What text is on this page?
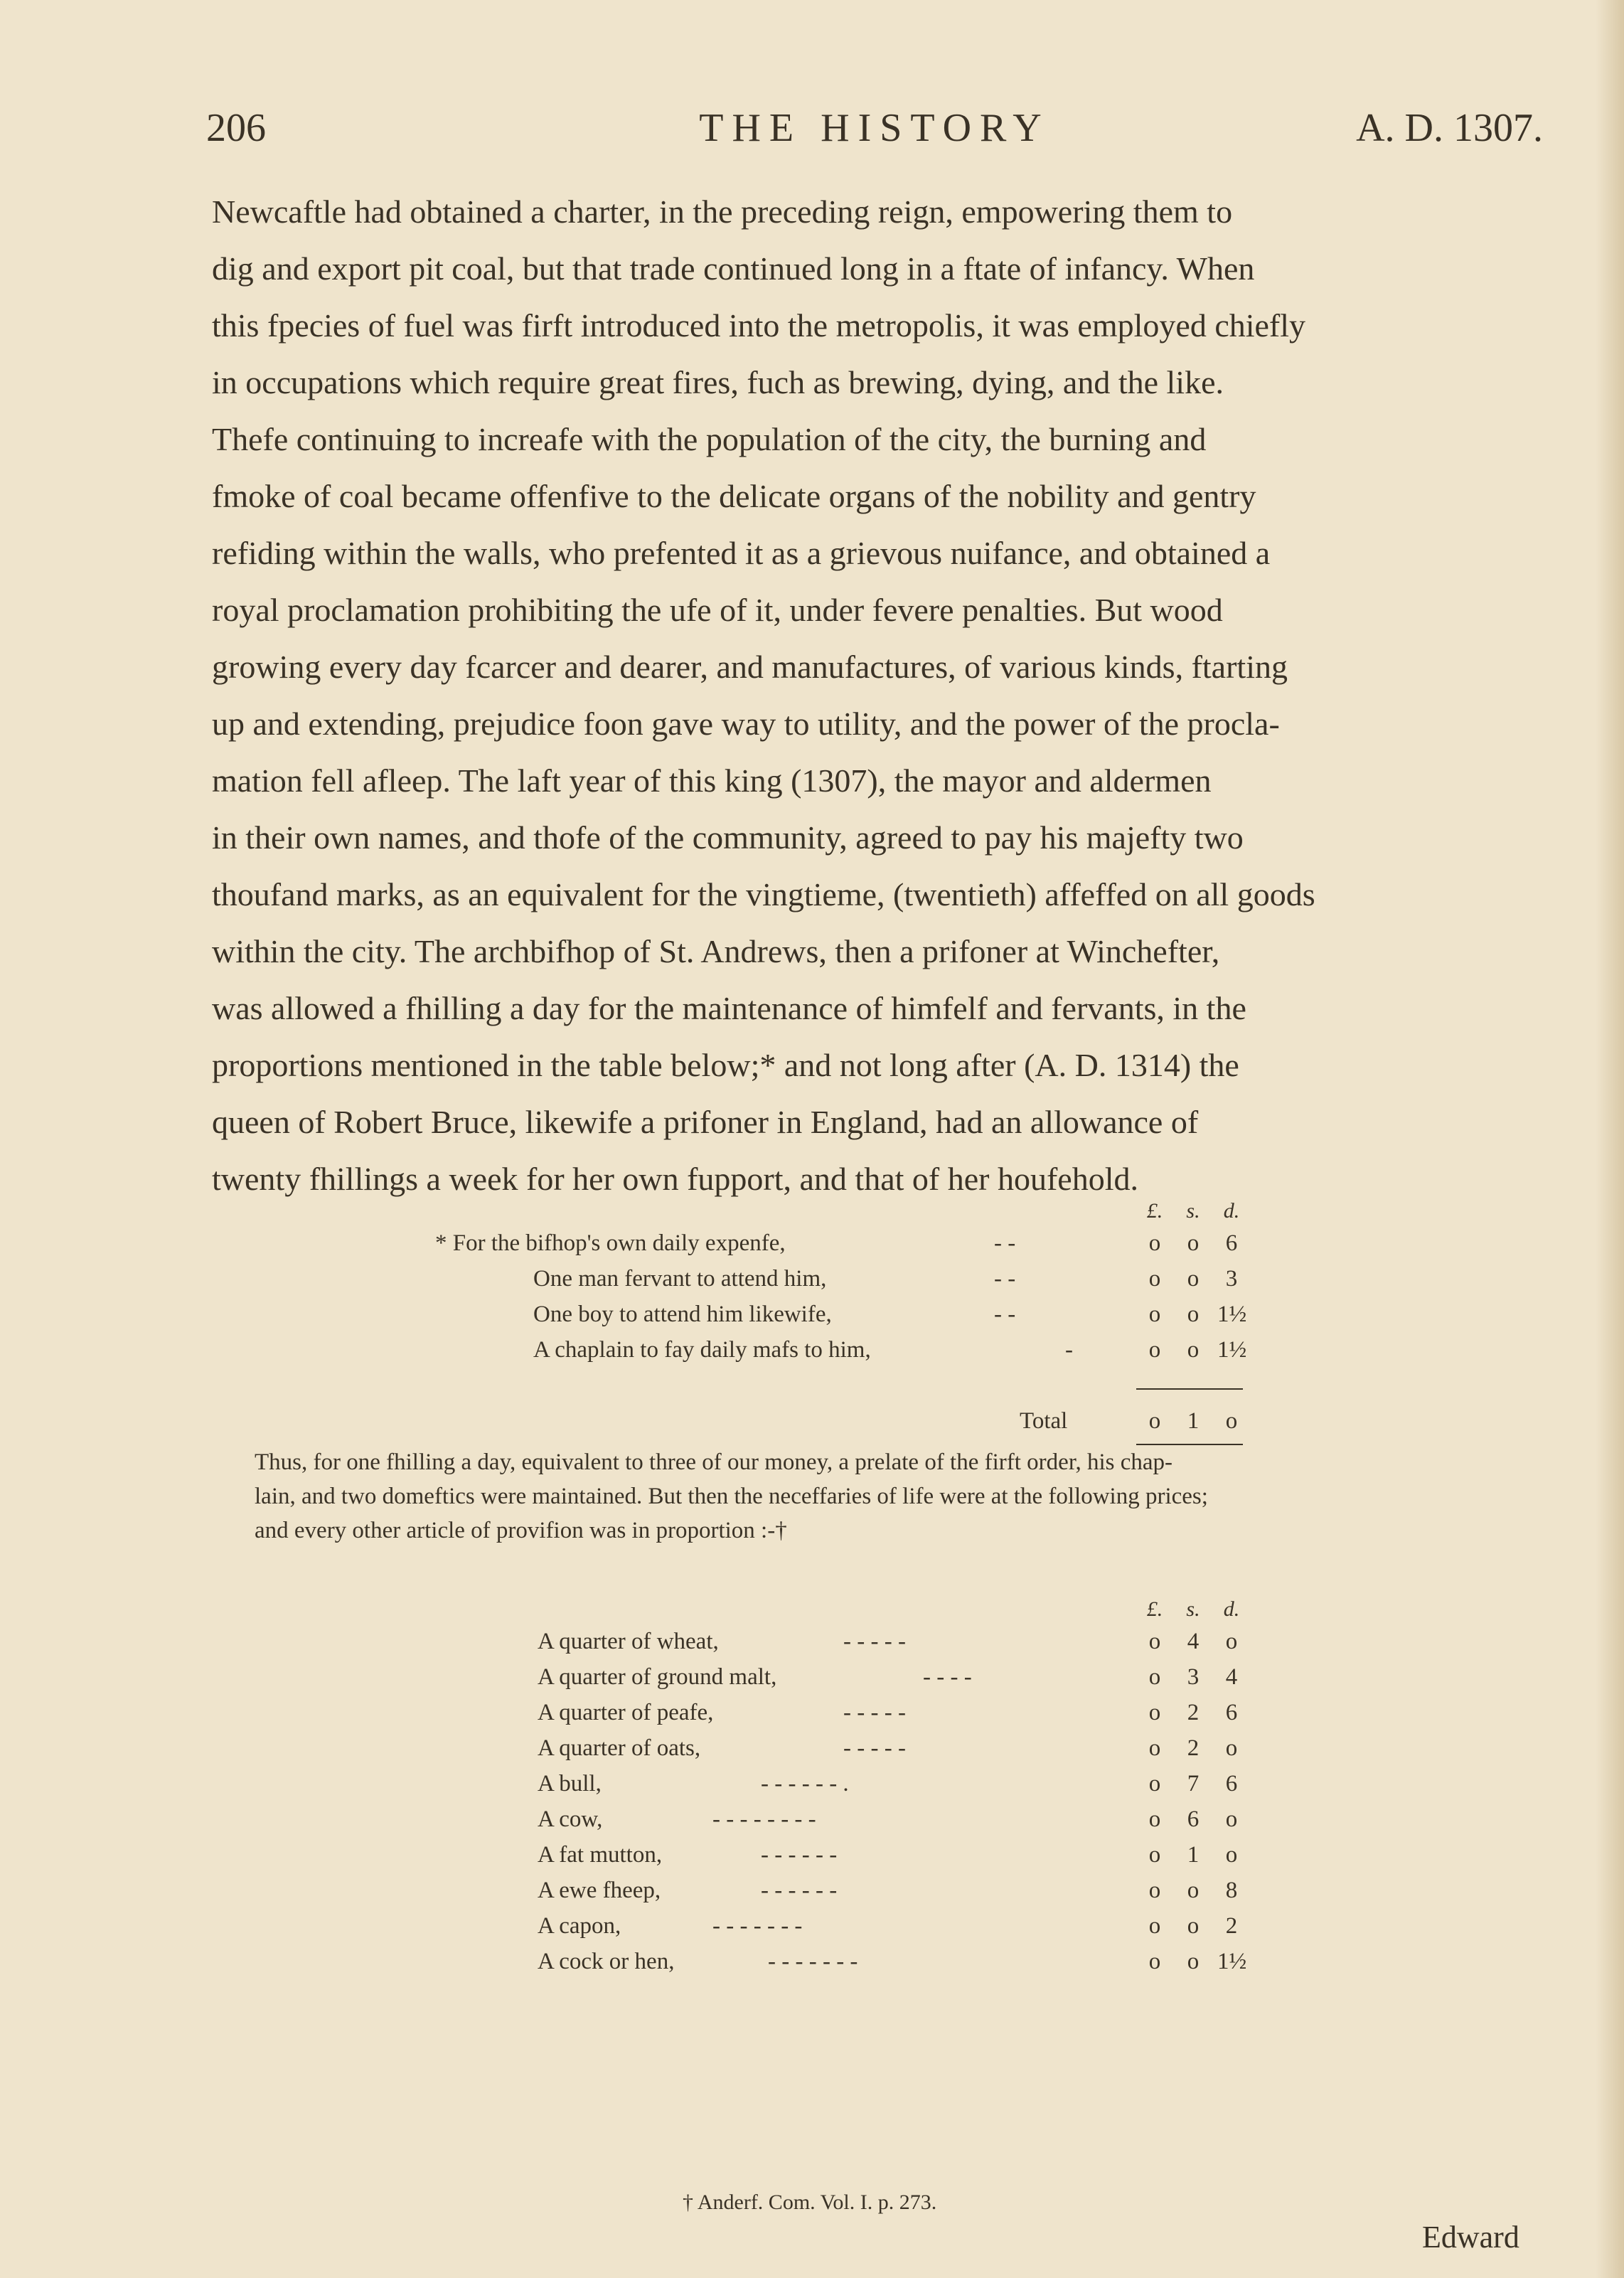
206	THE HISTORY	A. D. 1307.
Newcaftle had obtained a charter, in the preceding reign, empowering them to
dig and export pit coal, but that trade continued long in a ftate of infancy. When
this fpecies of fuel was firft introduced into the metropolis, it was employed chiefly
in occupations which require great fires, fuch as brewing, dying, and the like.
Thefe continuing to increafe with the population of the city, the burning and
fmoke of coal became offenfive to the delicate organs of the nobility and gentry
refiding within the walls, who prefented it as a grievous nuifance, and obtained a
royal proclamation prohibiting the ufe of it, under fevere penalties. But wood
growing every day fcarcer and dearer, and manufactures, of various kinds, ftarting
up and extending, prejudice foon gave way to utility, and the power of the procla-
mation fell afleep. The laft year of this king (1307), the mayor and aldermen
in their own names, and thofe of the community, agreed to pay his majefty two
thoufand marks, as an equivalent for the vingtieme, (twentieth) affeffed on all goods
within the city. The archbifhop of St. Andrews, then a prifoner at Winchefter,
was allowed a fhilling a day for the maintenance of himfelf and fervants, in the
proportions mentioned in the table below;* and not long after (A. D. 1314) the
queen of Robert Bruce, likewife a prifoner in England, had an allowance of
twenty fhillings a week for her own fupport, and that of her houfehold.
£.	s.	d.
* For the bifhop's own daily expenfe,	- -	o	o	6
One man fervant to attend him,	- -	o	o	3
One boy to attend him likewife,	- -	o	o 1½
A chaplain to fay daily mafs to him,	-	o	o 1½
Total	o	1	o
Thus, for one fhilling a day, equivalent to three of our money, a prelate of the firft order, his chap-
lain, and two domeftics were maintained. But then the neceffaries of life were at the following prices;
and every other article of provifion was in proportion :-†
£.	s.	d.
A quarter of wheat,	- - - - -	o	4	o
A quarter of ground malt,	- - - -	o	3	4
A quarter of peafe,	- - - - -	o	2	6
A quarter of oats,	- - - - -	o	2	o
A bull,	- - - - - - .	o	7	6
A cow,	- - - - - - - -	o	6	o
A fat mutton,	- - - - - -	o	1	o
A ewe fheep,	- - - - - -	o	o	8
A capon,	- - - - - - -	o	o	2
A cock or hen,	- - - - - - -	o	o 1½
† Anderf. Com. Vol. I. p. 273.
Edward
